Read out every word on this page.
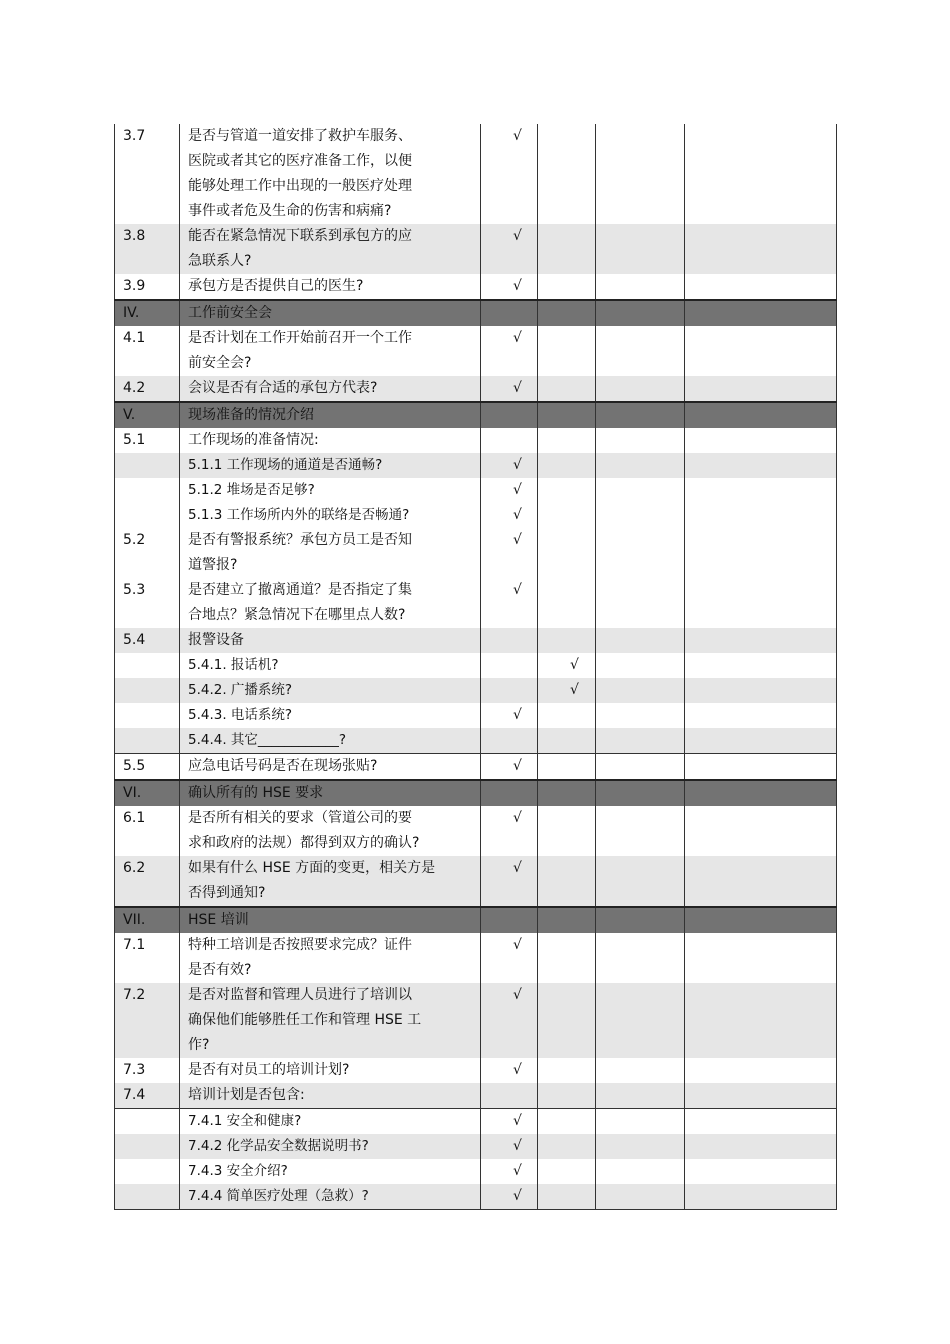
3.7	是否与管道一道安排了救护车服务、
医院或者其它的医疗准备工作，以便
能够处理工作中出现的一般医疗处理
事件或者危及生命的伤害和病痛?	√			
3.8	能否在紧急情况下联系到承包方的应
急联系人?	√			
3.9	承包方是否提供自己的医生?	√			
IV.	工作前安全会				

4.1	是否计划在工作开始前召开一个工作
前安全会?	√			
4.2	会议是否有合适的承包方代表?	√			
V.	现场准备的情况介绍				

5.1	工作现场的准备情况:				

	5.1.1 工作现场的通道是否通畅?	√			

	5.1.2 堆场是否足够?	√			

	5.1.3 工作场所内外的联络是否畅通?	√			
5.2	是否有警报系统？承包方员工是否知
道警报?	√			
5.3	是否建立了撤离通道？是否指定了集
合地点？紧急情况下在哪里点人数?	√			
5.4	报警设备				

	5.4.1. 报话机?		√		

	5.4.2. 广播系统?		√		

	5.4.3. 电话系统?	√			

	5.4.4. 其它____________?				

5.5	应急电话号码是否在现场张贴?	√			
VI.	确认所有的 HSE 要求				

6.1	是否所有相关的要求（管道公司的要
求和政府的法规）都得到双方的确认?	√			
6.2	如果有什么 HSE 方面的变更，相关方是
否得到通知?	√			
VII.	HSE 培训				

7.1	特种工培训是否按照要求完成？证件
是否有效?	√			
7.2	是否对监督和管理人员进行了培训以
确保他们能够胜任工作和管理 HSE 工
作?	√			
7.3	是否有对员工的培训计划?	√			
7.4	培训计划是否包含:				

	7.4.1 安全和健康?	√			

	7.4.2 化学品安全数据说明书?	√			

	7.4.3 安全介绍?	√			

	7.4.4 简单医疗处理（急救）?	√			
